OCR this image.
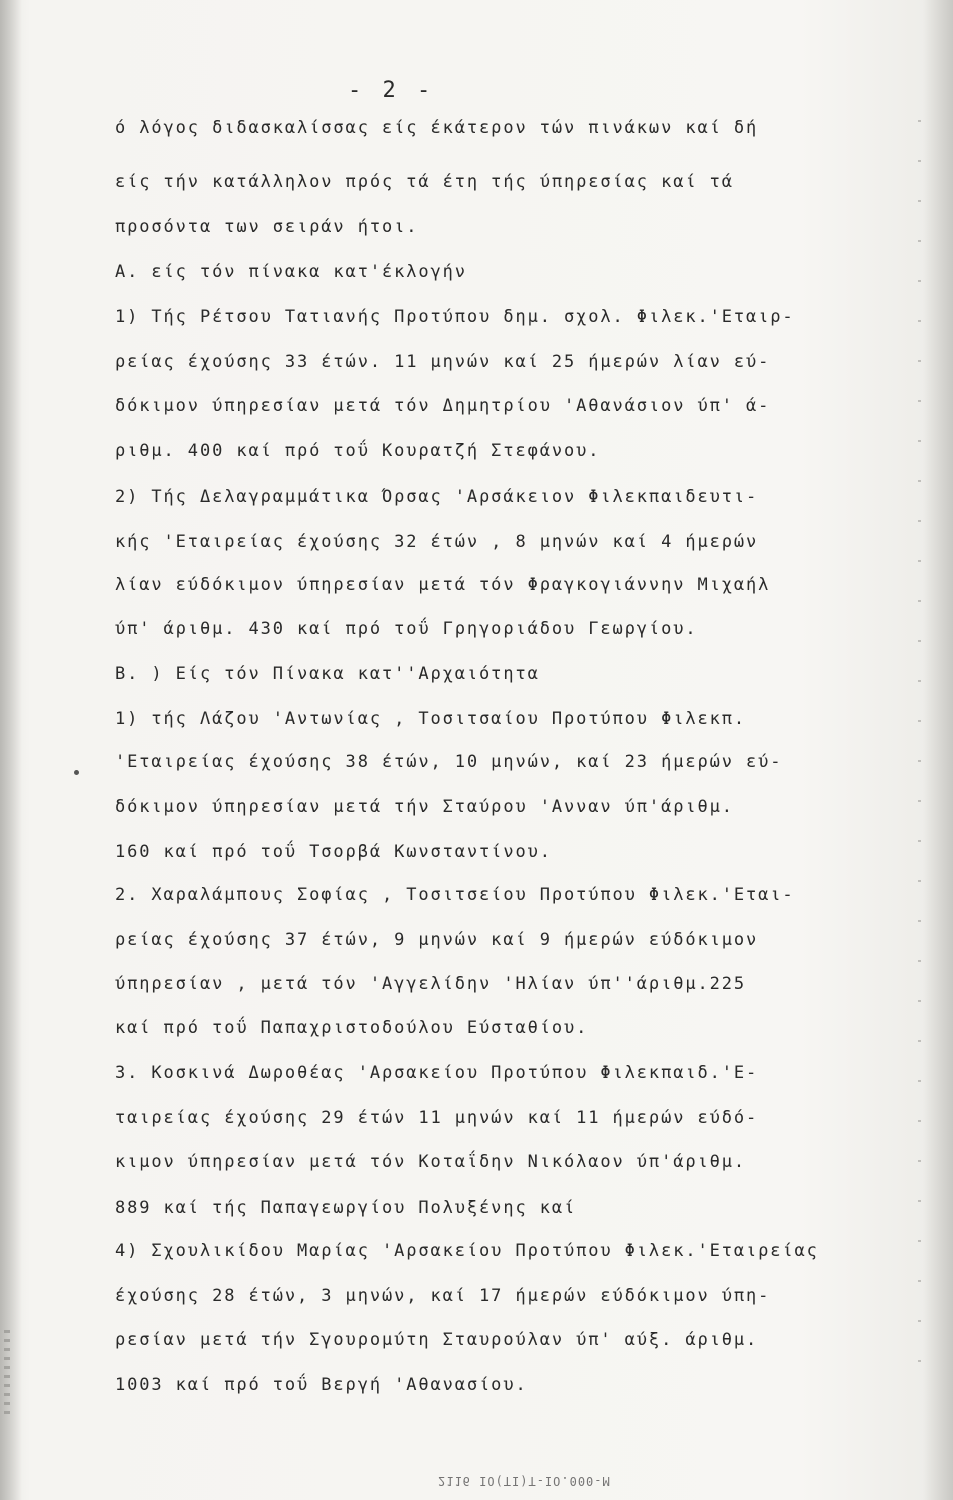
- 2 -
ό λόγος διδασκαλίσσας είς έκάτερον τών πινάκων καί δή
είς τήν κατάλληλον πρός τά έτη τής ύπηρεσίας καί τά
προσόντα των σειράν ήτοι.
Α. είς τόν πίνακα κατ'έκλογήν
1) Τής Ρέτσου Τατιανής Προτύπου δημ. σχολ. Φιλεκ.'Εταιρ-
ρείας έχούσης 33 έτών. 11 μηνών καί 25 ήμερών λίαν εύ-
δόκιμον ύπηρεσίαν μετά τόν Δημητρίου 'Αθανάσιον ύπ' ά-
ριθμ. 400 καί πρό τοΰ Κουρατζή Στεφάνου.
2) Τής Δελαγραμμάτικα Όρσας 'Αρσάκειον Φιλεκπαιδευτι-
κής 'Εταιρείας έχούσης 32 έτών , 8 μηνών καί 4 ήμερών
λίαν εύδόκιμον ύπηρεσίαν μετά τόν Φραγκογιάννην Μιχαήλ
ύπ' άριθμ. 430 καί πρό τοΰ Γρηγοριάδου Γεωργίου.
Β. ) Είς τόν Πίνακα κατ''Αρχαιότητα
1) τής Λάζου 'Αντωνίας , Τοσιτσαίου Προτύπου Φιλεκπ.
'Εταιρείας έχούσης 38 έτών, 10 μηνών, καί 23 ήμερών εύ-
δόκιμον ύπηρεσίαν μετά τήν Σταύρου 'Ανναν ύπ'άριθμ.
160 καί πρό τοΰ Τσορβά Κωνσταντίνου.
2. Χαραλάμπους Σοφίας , Τοσιτσείου Προτύπου Φιλεκ.'Εται-
ρείας έχούσης 37 έτών, 9 μηνών καί 9 ήμερών εύδόκιμον
ύπηρεσίαν , μετά τόν 'Αγγελίδην 'Ηλίαν ύπ''άριθμ.225
καί πρό τοΰ Παπαχριστοδούλου Εύσταθίου.
3. Κοσκινά Δωροθέας 'Αρσακείου Προτύπου Φιλεκπαιδ.'Ε-
ταιρείας έχούσης 29 έτών 11 μηνών καί 11 ήμερών εύδό-
κιμον ύπηρεσίαν μετά τόν Κοταΐδην Νικόλαον ύπ'άριθμ.
889 καί τής Παπαγεωργίου Πολυξένης καί
4) Σχουλικίδου Μαρίας 'Αρσακείου Προτύπου Φιλεκ.'Εταιρείας
έχούσης 28 έτών, 3 μηνών, καί 17 ήμερών εύδόκιμον ύπη-
ρεσίαν μετά τήν Σγουρομύτη Σταυρούλαν ύπ' αύξ. άριθμ.
1003 καί πρό τοΰ Βεργή 'Αθανασίου.
2116 ΙΟ(ΤΙ)Τ-ΙΟ.000-Μ
